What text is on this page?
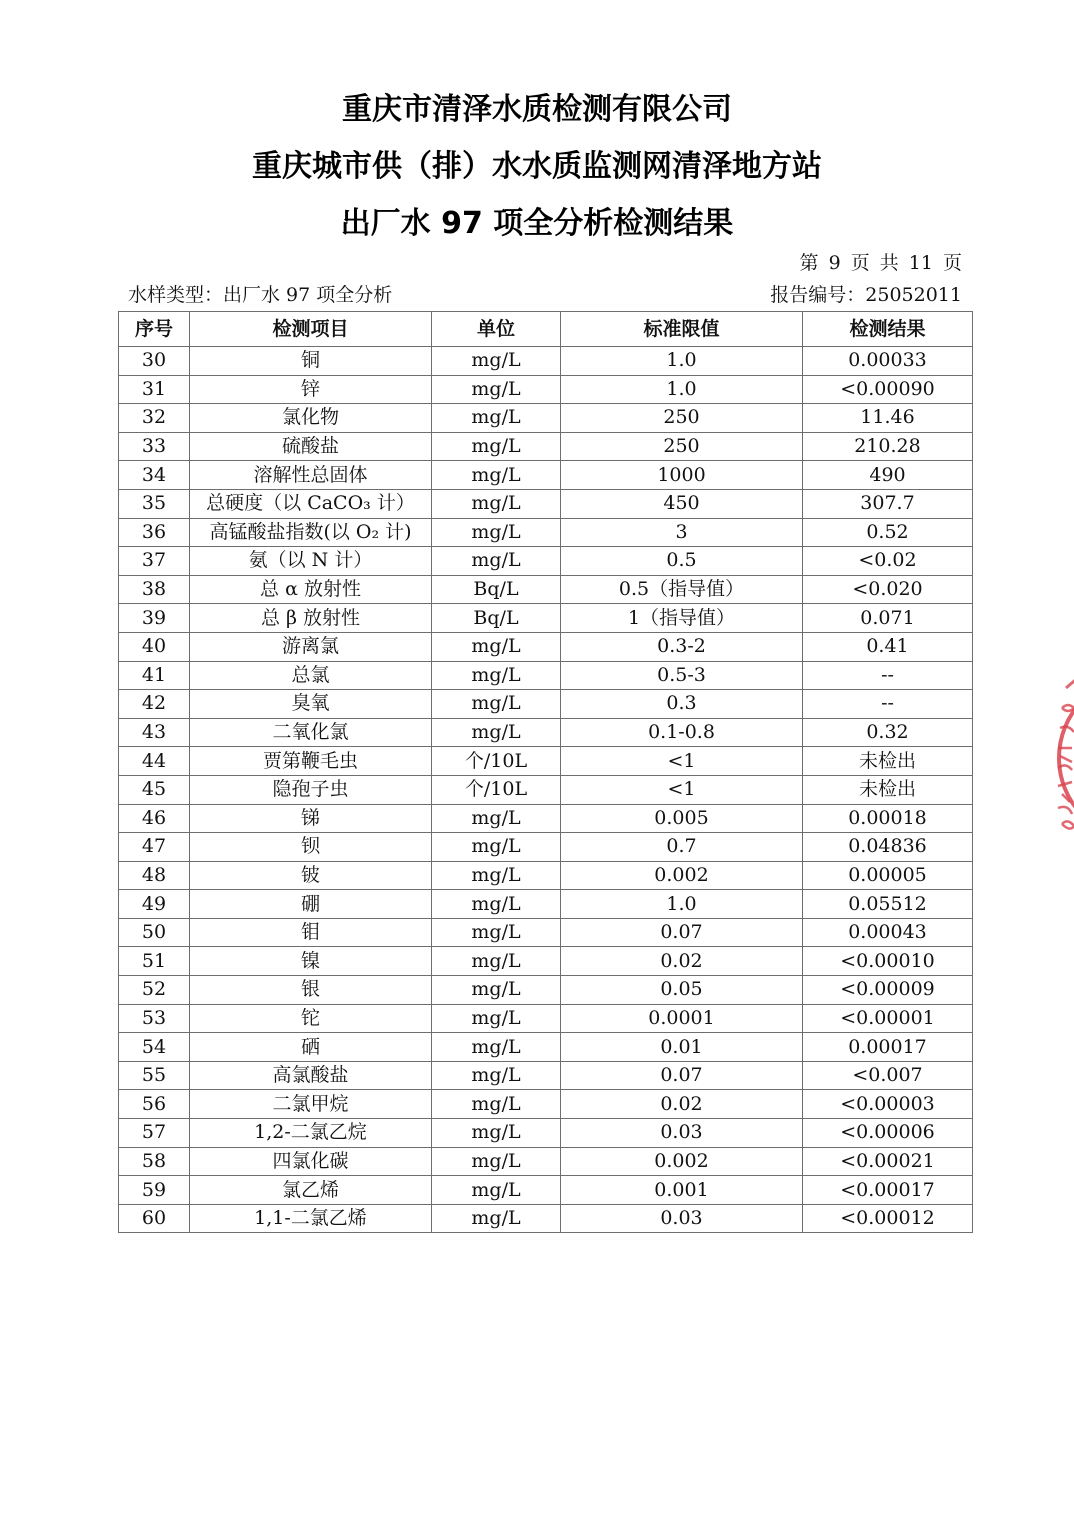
重庆市清泽水质检测有限公司
重庆城市供（排）水水质监测网清泽地方站
出厂水 97 项全分析检测结果
第 9 页 共 11 页
水样类型：出厂水 97 项全分析	报告编号：25052011
序号	检测项目	单位	标准限值	检测结果
30	铜	mg/L	1.0	0.00033
31	锌	mg/L	1.0	<0.00090
32	氯化物	mg/L	250	11.46
33	硫酸盐	mg/L	250	210.28
34	溶解性总固体	mg/L	1000	490
35	总硬度（以 CaCO₃ 计）	mg/L	450	307.7
36	高锰酸盐指数(以 O₂ 计)	mg/L	3	0.52
37	氨（以 N 计）	mg/L	0.5	<0.02
38	总 α 放射性	Bq/L	0.5（指导值）	<0.020
39	总 β 放射性	Bq/L	1（指导值）	0.071
40	游离氯	mg/L	0.3-2	0.41
41	总氯	mg/L	0.5-3	--
42	臭氧	mg/L	0.3	--
43	二氧化氯	mg/L	0.1-0.8	0.32
44	贾第鞭毛虫	个/10L	<1	未检出
45	隐孢子虫	个/10L	<1	未检出
46	锑	mg/L	0.005	0.00018
47	钡	mg/L	0.7	0.04836
48	铍	mg/L	0.002	0.00005
49	硼	mg/L	1.0	0.05512
50	钼	mg/L	0.07	0.00043
51	镍	mg/L	0.02	<0.00010
52	银	mg/L	0.05	<0.00009
53	铊	mg/L	0.0001	<0.00001
54	硒	mg/L	0.01	0.00017
55	高氯酸盐	mg/L	0.07	<0.007
56	二氯甲烷	mg/L	0.02	<0.00003
57	1,2-二氯乙烷	mg/L	0.03	<0.00006
58	四氯化碳	mg/L	0.002	<0.00021
59	氯乙烯	mg/L	0.001	<0.00017
60	1,1-二氯乙烯	mg/L	0.03	<0.00012
